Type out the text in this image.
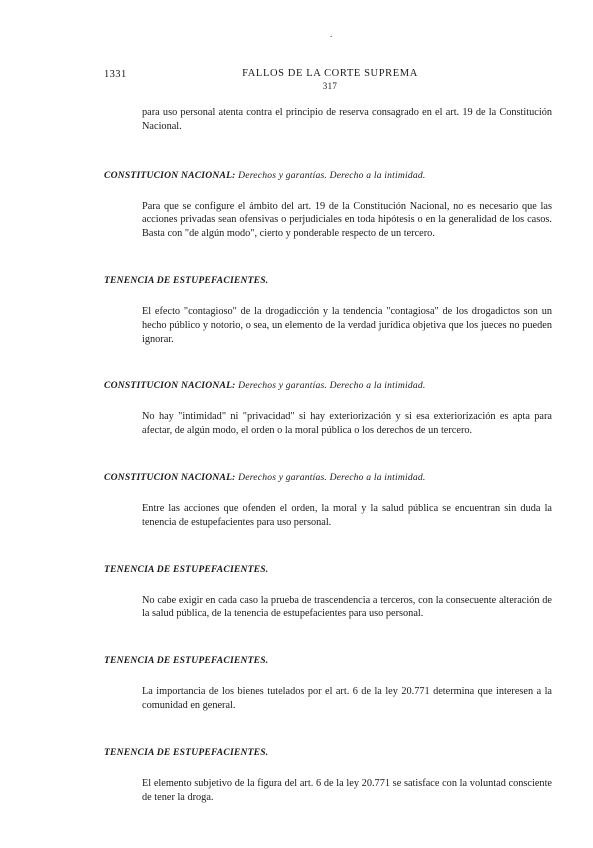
.
1331	FALLOS DE LA CORTE SUPREMA
317

para uso personal atenta contra el principio de reserva consagrado en el art. 19 de la Constitución Nacional.

CONSTITUCION NACIONAL: Derechos y garantías. Derecho a la intimidad.

Para que se configure el ámbito del art. 19 de la Constitución Nacional, no es necesario que las acciones privadas sean ofensivas o perjudiciales en toda hipótesis o en la generalidad de los casos. Basta con "de algún modo", cierto y ponderable respecto de un tercero.

TENENCIA DE ESTUPEFACIENTES.

El efecto "contagioso" de la drogadicción y la tendencia "contagiosa" de los drogadictos son un hecho público y notorio, o sea, un elemento de la verdad jurídica objetiva que los jueces no pueden ignorar.

CONSTITUCION NACIONAL: Derechos y garantías. Derecho a la intimidad.

No hay "intimidad" ni "privacidad" si hay exteriorización y si esa exteriorización es apta para afectar, de algún modo, el orden o la moral pública o los derechos de un tercero.

CONSTITUCION NACIONAL: Derechos y garantías. Derecho a la intimidad.

Entre las acciones que ofenden el orden, la moral y la salud pública se encuentran sin duda la tenencia de estupefacientes para uso personal.

TENENCIA DE ESTUPEFACIENTES.

No cabe exigir en cada caso la prueba de trascendencia a terceros, con la consecuente alteración de la salud pública, de la tenencia de estupefacientes para uso personal.

TENENCIA DE ESTUPEFACIENTES.

La importancia de los bienes tutelados por el art. 6 de la ley 20.771 determina que interesen a la comunidad en general.

TENENCIA DE ESTUPEFACIENTES.

El elemento subjetivo de la figura del art. 6 de la ley 20.771 se satisface con la voluntad consciente de tener la droga.
